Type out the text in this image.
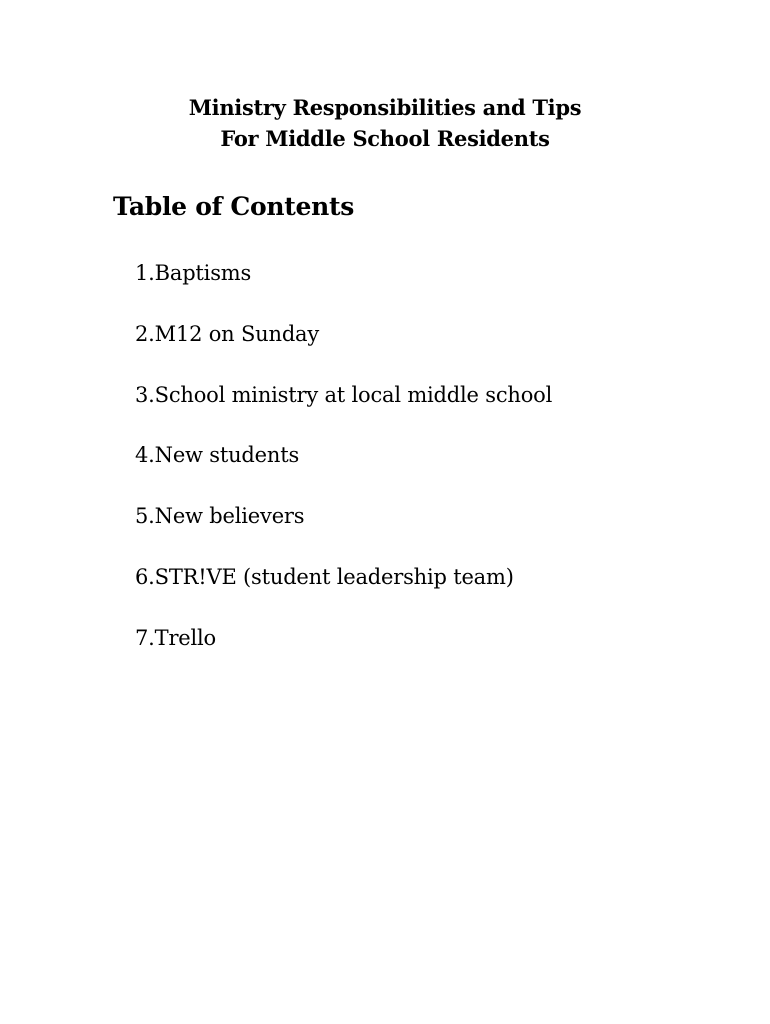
Ministry Responsibilities and Tips
For Middle School Residents
Table of Contents
1.Baptisms
2.M12 on Sunday
3.School ministry at local middle school
4.New students
5.New believers
6.STR!VE (student leadership team)
7.Trello
